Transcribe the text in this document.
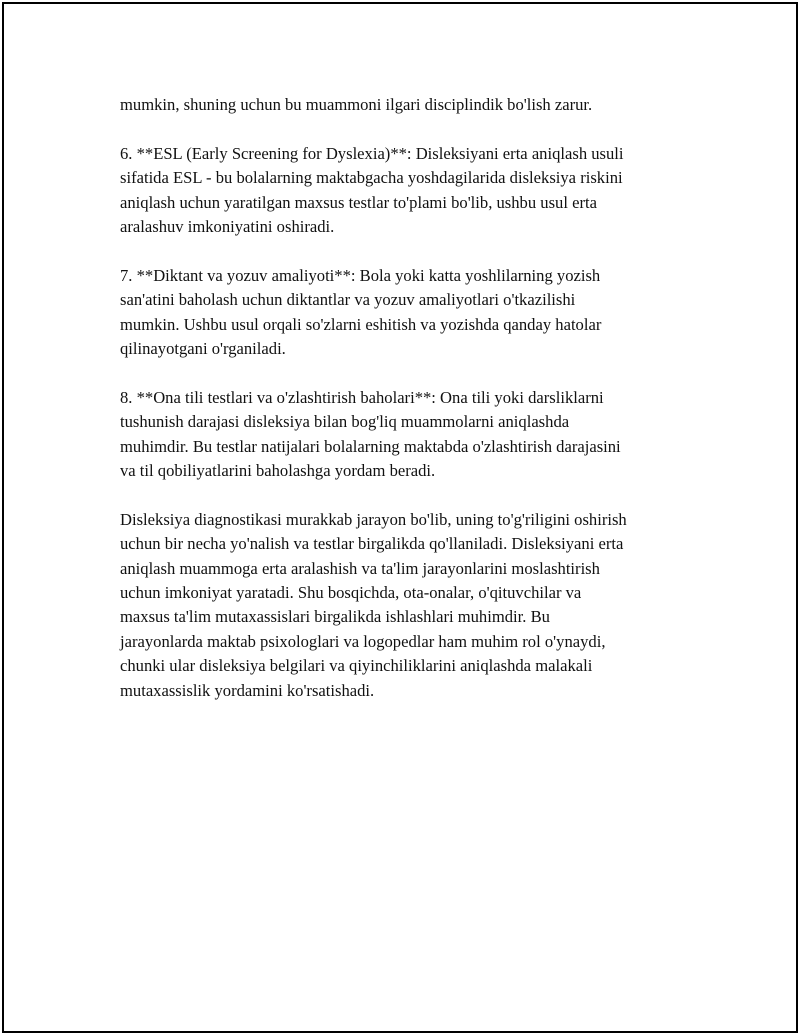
mumkin, shuning uchun bu muammoni ilgari disciplindik bo'lish zarur.

6. **ESL (Early Screening for Dyslexia)**: Disleksiyani erta aniqlash usuli
sifatida ESL - bu bolalarning maktabgacha yoshdagilarida disleksiya riskini
aniqlash uchun yaratilgan maxsus testlar to'plami bo'lib, ushbu usul erta
aralashuv imkoniyatini oshiradi.

7. **Diktant va yozuv amaliyoti**: Bola yoki katta yoshlilarning yozish
san'atini baholash uchun diktantlar va yozuv amaliyotlari o'tkazilishi
mumkin. Ushbu usul orqali so'zlarni eshitish va yozishda qanday hatolar
qilinayotgani o'rganiladi.

8. **Ona tili testlari va o'zlashtirish baholari**: Ona tili yoki darsliklarni
tushunish darajasi disleksiya bilan bog'liq muammolarni aniqlashda
muhimdir. Bu testlar natijalari bolalarning maktabda o'zlashtirish darajasini
va til qobiliyatlarini baholashga yordam beradi.

Disleksiya diagnostikasi murakkab jarayon bo'lib, uning to'g'riligini oshirish
uchun bir necha yo'nalish va testlar birgalikda qo'llaniladi. Disleksiyani erta
aniqlash muammoga erta aralashish va ta'lim jarayonlarini moslashtirish
uchun imkoniyat yaratadi. Shu bosqichda, ota-onalar, o'qituvchilar va
maxsus ta'lim mutaxassislari birgalikda ishlashlari muhimdir. Bu
jarayonlarda maktab psixologlari va logopedlar ham muhim rol o'ynaydi,
chunki ular disleksiya belgilari va qiyinchiliklarini aniqlashda malakali
mutaxassislik yordamini ko'rsatishadi.
